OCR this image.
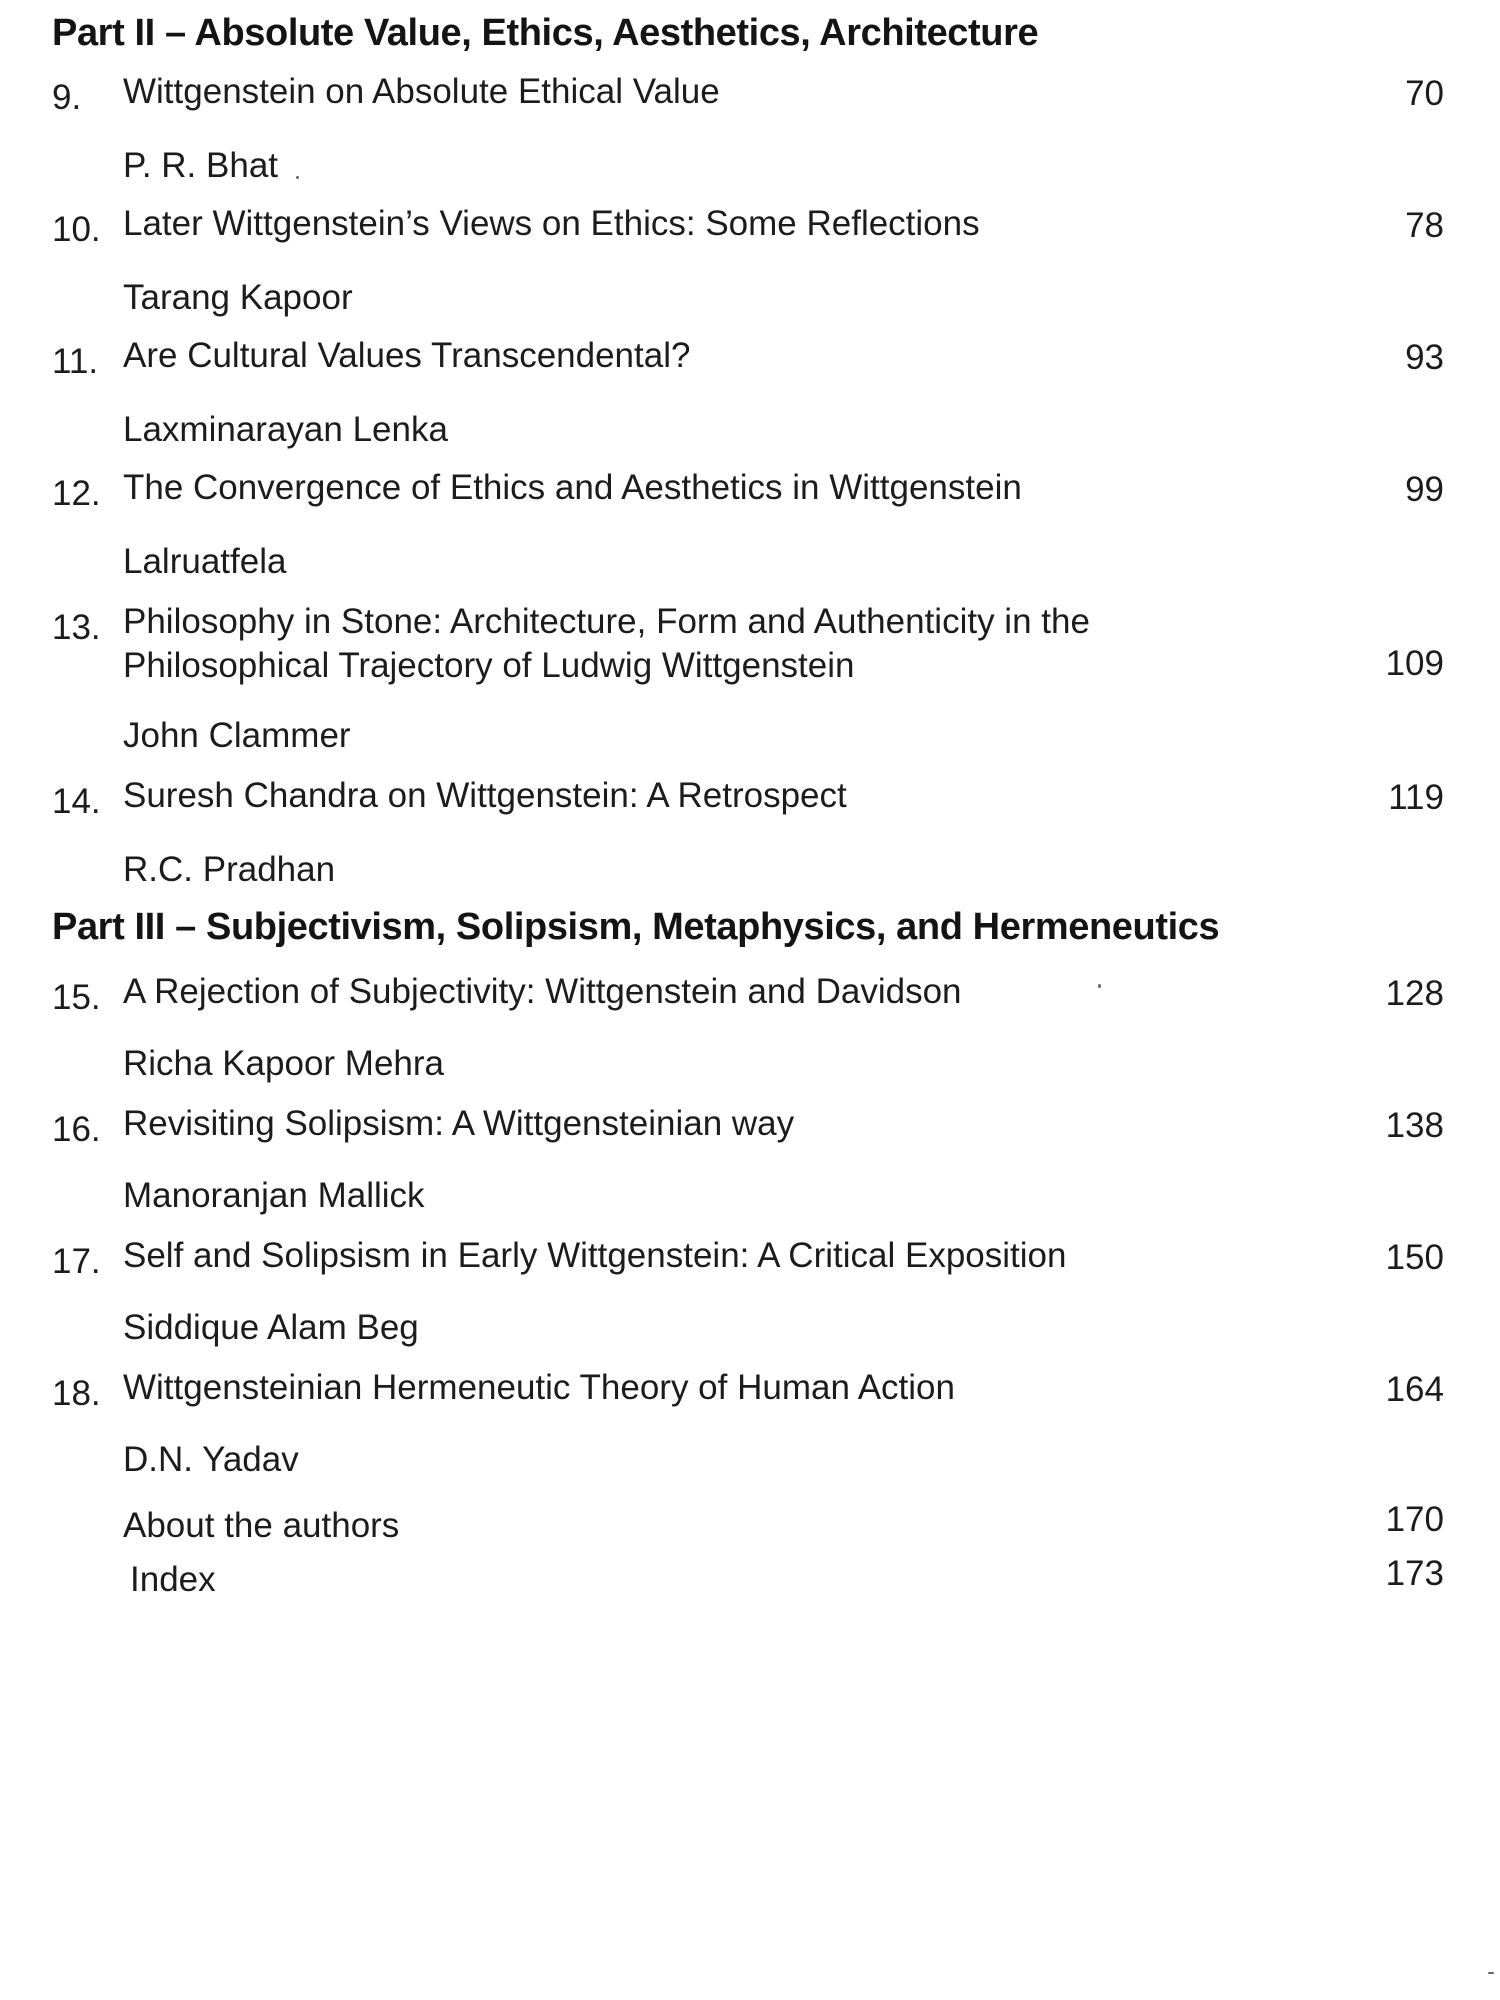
Part II – Absolute Value, Ethics, Aesthetics, Architecture
9. Wittgenstein on Absolute Ethical Value	70
P. R. Bhat
10. Later Wittgenstein’s Views on Ethics: Some Reflections	78
Tarang Kapoor
11. Are Cultural Values Transcendental?	93
Laxminarayan Lenka
12. The Convergence of Ethics and Aesthetics in Wittgenstein	99
Lalruatfela
13. Philosophy in Stone: Architecture, Form and Authenticity in the
Philosophical Trajectory of Ludwig Wittgenstein	109
John Clammer
14. Suresh Chandra on Wittgenstein: A Retrospect	119
R.C. Pradhan
Part III – Subjectivism, Solipsism, Metaphysics, and Hermeneutics
15. A Rejection of Subjectivity: Wittgenstein and Davidson	128
Richa Kapoor Mehra
16. Revisiting Solipsism: A Wittgensteinian way	138
Manoranjan Mallick
17. Self and Solipsism in Early Wittgenstein: A Critical Exposition	150
Siddique Alam Beg
18. Wittgensteinian Hermeneutic Theory of Human Action	164
D.N. Yadav
About the authors	170
Index	173
